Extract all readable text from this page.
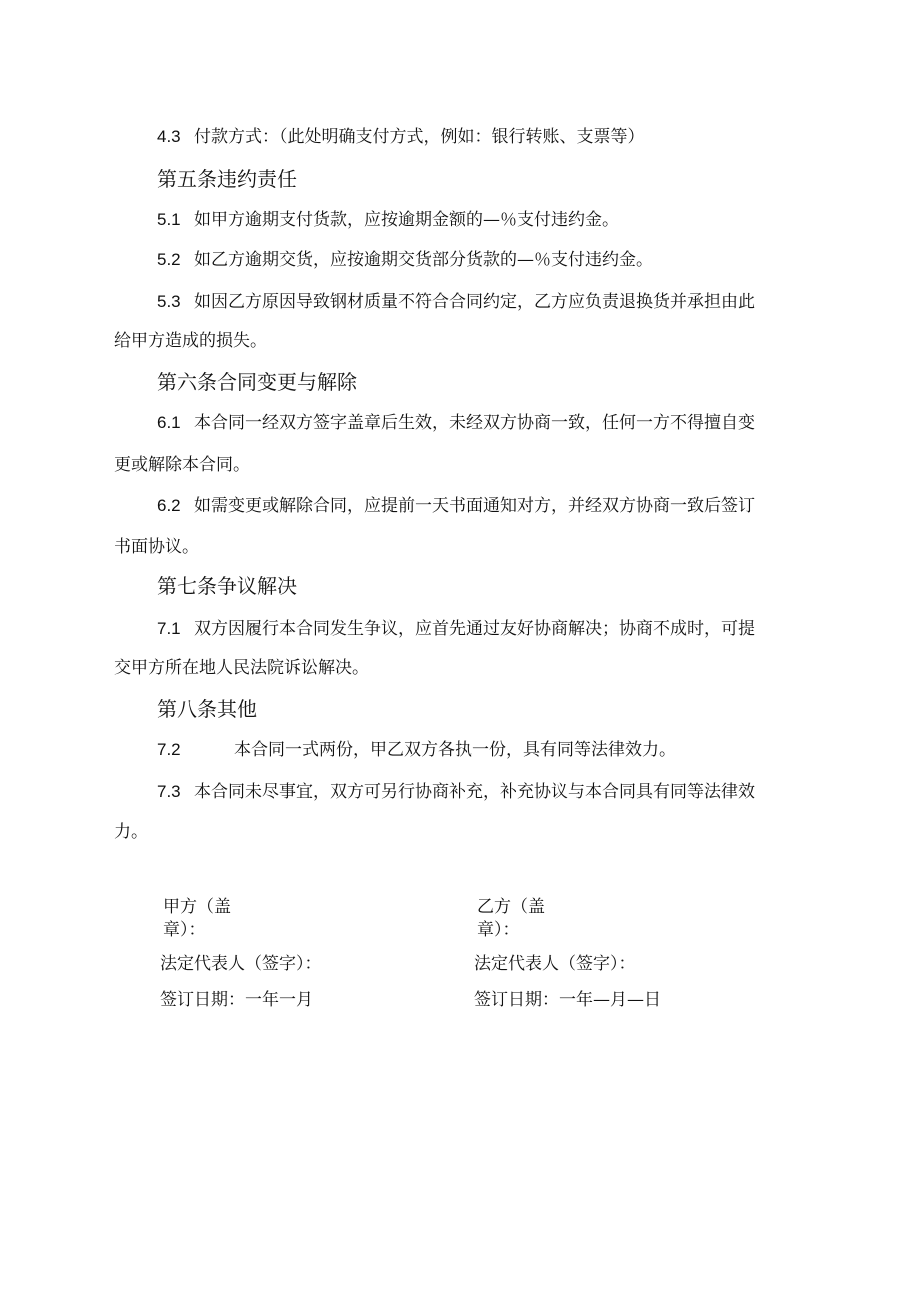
4.3 付款方式：（此处明确支付方式，例如：银行转账、支票等）
第五条违约责任
5.1 如甲方逾期支付货款，应按逾期金额的—％支付违约金。
5.2 如乙方逾期交货，应按逾期交货部分货款的—％支付违约金。
5.3 如因乙方原因导致钢材质量不符合合同约定，乙方应负责退换货并承担由此
给甲方造成的损失。
第六条合同变更与解除
6.1 本合同一经双方签字盖章后生效，未经双方协商一致，任何一方不得擅自变
更或解除本合同。
6.2 如需变更或解除合同，应提前一天书面通知对方，并经双方协商一致后签订
书面协议。
第七条争议解决
7.1 双方因履行本合同发生争议，应首先通过友好协商解决；协商不成时，可提
交甲方所在地人民法院诉讼解决。
第八条其他
7.2	本合同一式两份，甲乙双方各执一份，具有同等法律效力。
7.3 本合同未尽事宜，双方可另行协商补充，补充协议与本合同具有同等法律效
力。
甲方（盖
章）：
法定代表人（签字）：
签订日期：一年一月
乙方（盖
章）：
法定代表人（签字）：
签订日期：一年—月—日
